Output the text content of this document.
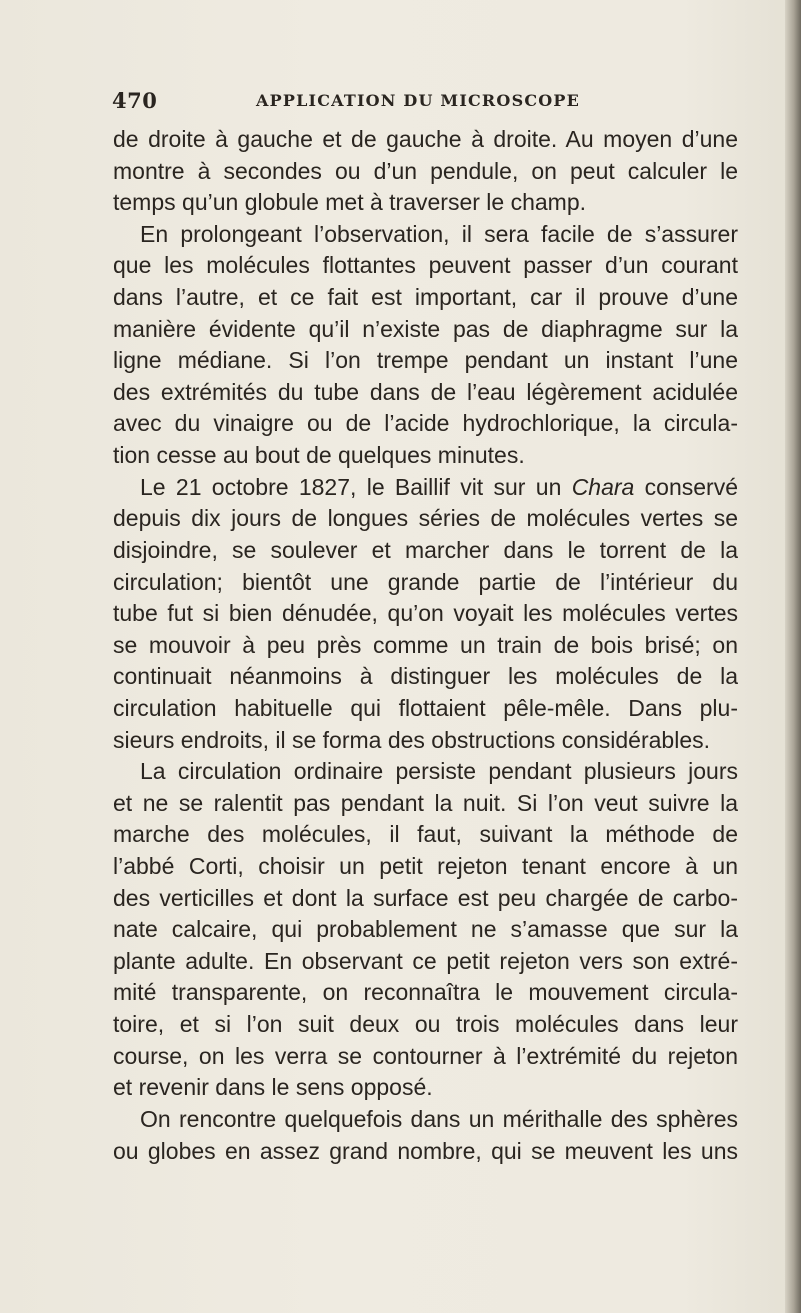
470	APPLICATION DU MICROSCOPE
de droite à gauche et de gauche à droite. Au moyen d’une
montre à secondes ou d’un pendule, on peut calculer le
temps qu’un globule met à traverser le champ.
En prolongeant l’observation, il sera facile de s’assurer
que les molécules flottantes peuvent passer d’un courant
dans l’autre, et ce fait est important, car il prouve d’une
manière évidente qu’il n’existe pas de diaphragme sur la
ligne médiane. Si l’on trempe pendant un instant l’une
des extrémités du tube dans de l’eau légèrement acidulée
avec du vinaigre ou de l’acide hydrochlorique, la circula-
tion cesse au bout de quelques minutes.
Le 21 octobre 1827, le Baillif vit sur un Chara conservé
depuis dix jours de longues séries de molécules vertes se
disjoindre, se soulever et marcher dans le torrent de la
circulation; bientôt une grande partie de l’intérieur du
tube fut si bien dénudée, qu’on voyait les molécules vertes
se mouvoir à peu près comme un train de bois brisé; on
continuait néanmoins à distinguer les molécules de la
circulation habituelle qui flottaient pêle-mêle. Dans plu-
sieurs endroits, il se forma des obstructions considérables.
La circulation ordinaire persiste pendant plusieurs jours
et ne se ralentit pas pendant la nuit. Si l’on veut suivre la
marche des molécules, il faut, suivant la méthode de
l’abbé Corti, choisir un petit rejeton tenant encore à un
des verticilles et dont la surface est peu chargée de carbo-
nate calcaire, qui probablement ne s’amasse que sur la
plante adulte. En observant ce petit rejeton vers son extré-
mité transparente, on reconnaîtra le mouvement circula-
toire, et si l’on suit deux ou trois molécules dans leur
course, on les verra se contourner à l’extrémité du rejeton
et revenir dans le sens opposé.
On rencontre quelquefois dans un mérithalle des sphères
ou globes en assez grand nombre, qui se meuvent les uns
